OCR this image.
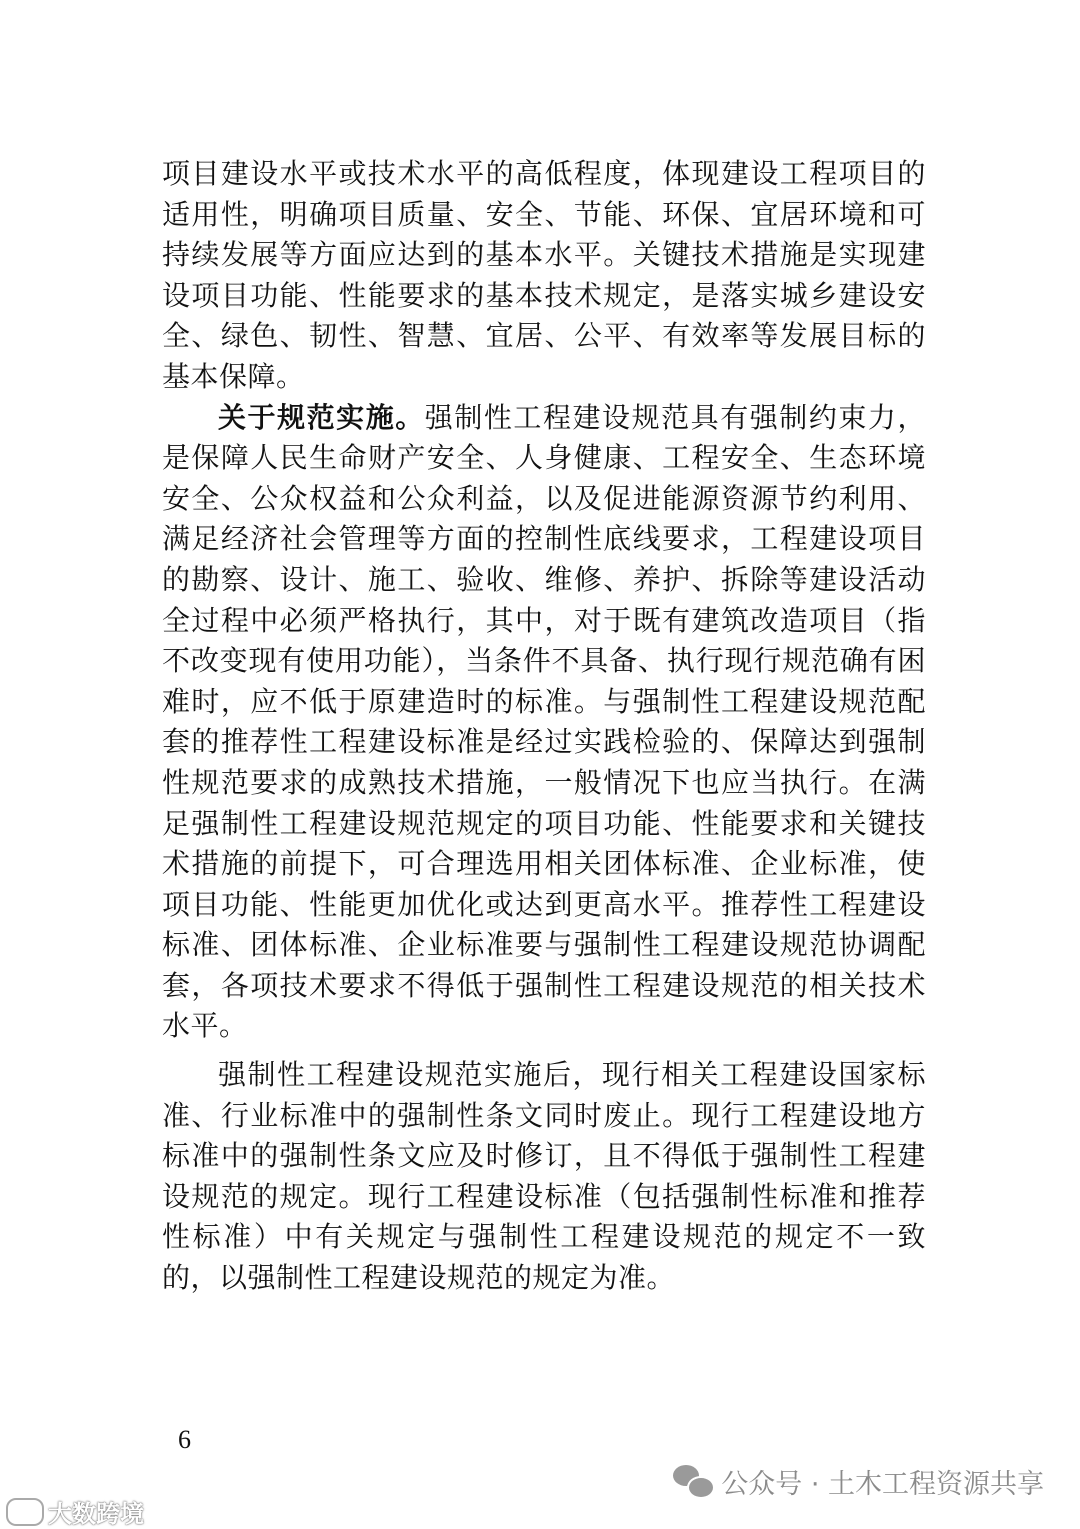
项目建设水平或技术水平的高低程度，体现建设工程项目的适用性，明确项目质量、安全、节能、环保、宜居环境和可持续发展等方面应达到的基本水平。关键技术措施是实现建设项目功能、性能要求的基本技术规定，是落实城乡建设安全、绿色、韧性、智慧、宜居、公平、有效率等发展目标的基本保障。

关于规范实施。强制性工程建设规范具有强制约束力，是保障人民生命财产安全、人身健康、工程安全、生态环境安全、公众权益和公众利益，以及促进能源资源节约利用、满足经济社会管理等方面的控制性底线要求，工程建设项目的勘察、设计、施工、验收、维修、养护、拆除等建设活动全过程中必须严格执行，其中，对于既有建筑改造项目（指不改变现有使用功能），当条件不具备、执行现行规范确有困难时，应不低于原建造时的标准。与强制性工程建设规范配套的推荐性工程建设标准是经过实践检验的、保障达到强制性规范要求的成熟技术措施，一般情况下也应当执行。在满足强制性工程建设规范规定的项目功能、性能要求和关键技术措施的前提下，可合理选用相关团体标准、企业标准，使项目功能、性能更加优化或达到更高水平。推荐性工程建设标准、团体标准、企业标准要与强制性工程建设规范协调配套，各项技术要求不得低于强制性工程建设规范的相关技术水平。

强制性工程建设规范实施后，现行相关工程建设国家标准、行业标准中的强制性条文同时废止。现行工程建设地方标准中的强制性条文应及时修订，且不得低于强制性工程建设规范的规定。现行工程建设标准（包括强制性标准和推荐性标准）中有关规定与强制性工程建设规范的规定不一致的，以强制性工程建设规范的规定为准。

6
公众号 · 土木工程资源共享
大数跨境
